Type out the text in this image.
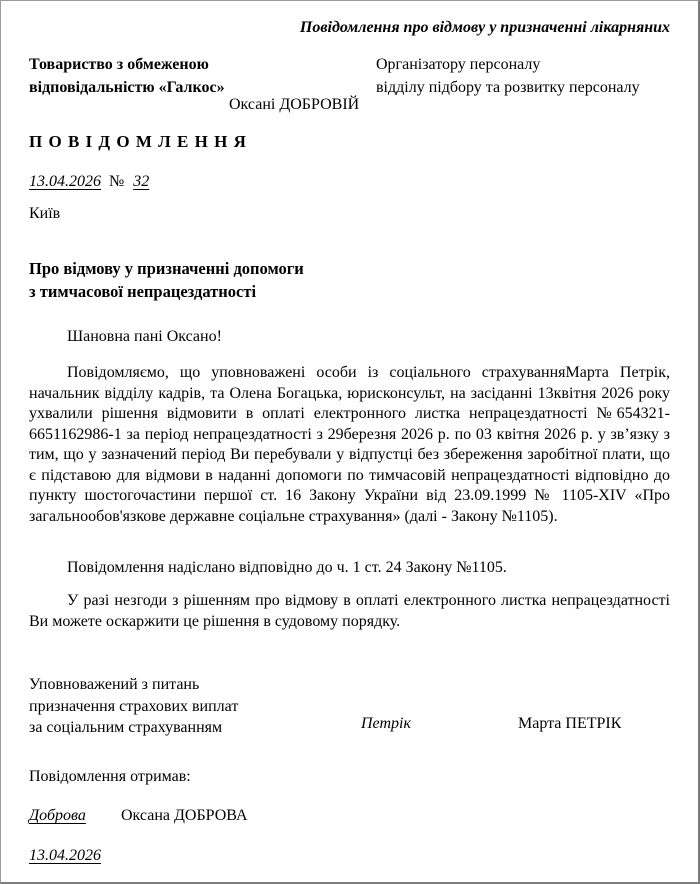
Повідомлення про відмову у призначенні лікарняних
Товариство з обмеженою
відповідальністю «Галкос»
Організатору персоналу
відділу підбору та розвитку персоналу
Оксані ДОБРОВІЙ
П О В І Д О М Л Е Н Н Я
13.04.2026 № 32
Київ
Про відмову у призначенні допомоги
з тимчасової непрацездатності
Шановна пані Оксано!
Повідомляємо, що уповноважені особи із соціального страхуванняМарта Петрік, начальник відділу кадрів, та Олена Богацька, юрисконсульт, на засіданні 13квітня 2026 року ухвалили рішення відмовити в оплаті електронного листка непрацездатності №654321-6651162986-1 за період непрацездатності з 29березня 2026 р. по 03 квітня 2026 р. у зв’язку з тим, що у зазначений період Ви перебували у відпустці без збереження заробітної плати, що є підставою для відмови в наданні допомоги по тимчасовій непрацездатності відповідно до пункту шостогочастини першої ст. 16 Закону України від 23.09.1999 № 1105-XIV «Про загальнообов'язкове державне соціальне страхування» (далі - Закону №1105).
Повідомлення надіслано відповідно до ч. 1 ст. 24 Закону №1105.
У разі незгоди з рішенням про відмову в оплаті електронного листка непрацездатності Ви можете оскаржити це рішення в судовому порядку.
Уповноважений з питань
призначення страхових виплат
за соціальним страхуванням	Петрік	Марта ПЕТРІК
Повідомлення отримав:
Доброва Оксана ДОБРОВА
13.04.2026
